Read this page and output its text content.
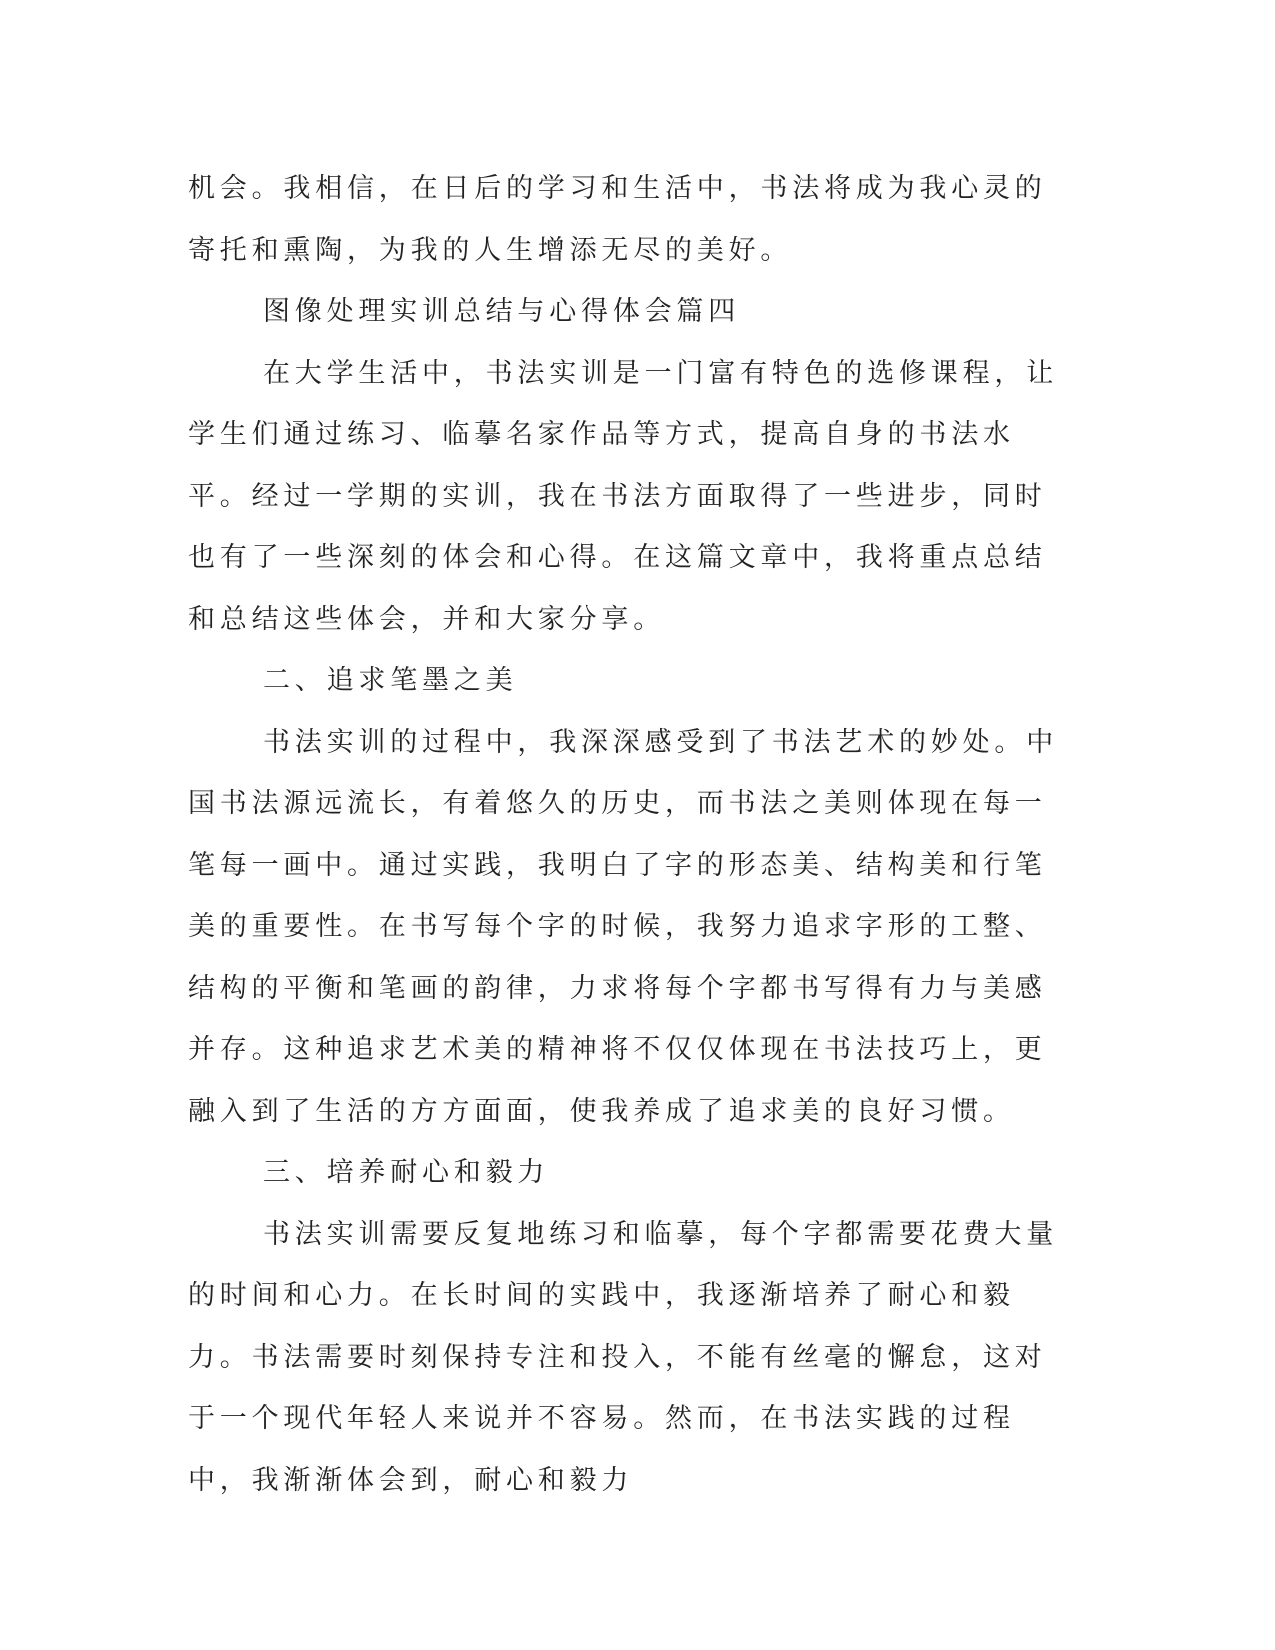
机会。我相信，在日后的学习和生活中，书法将成为我心灵的寄托和熏陶，为我的人生增添无尽的美好。

图像处理实训总结与心得体会篇四

在大学生活中，书法实训是一门富有特色的选修课程，让学生们通过练习、临摹名家作品等方式，提高自身的书法水平。经过一学期的实训，我在书法方面取得了一些进步，同时也有了一些深刻的体会和心得。在这篇文章中，我将重点总结和总结这些体会，并和大家分享。

二、追求笔墨之美

书法实训的过程中，我深深感受到了书法艺术的妙处。中国书法源远流长，有着悠久的历史，而书法之美则体现在每一笔每一画中。通过实践，我明白了字的形态美、结构美和行笔美的重要性。在书写每个字的时候，我努力追求字形的工整、结构的平衡和笔画的韵律，力求将每个字都书写得有力与美感并存。这种追求艺术美的精神将不仅仅体现在书法技巧上，更融入到了生活的方方面面，使我养成了追求美的良好习惯。

三、培养耐心和毅力

书法实训需要反复地练习和临摹，每个字都需要花费大量的时间和心力。在长时间的实践中，我逐渐培养了耐心和毅力。书法需要时刻保持专注和投入，不能有丝毫的懈怠，这对于一个现代年轻人来说并不容易。然而，在书法实践的过程中，我渐渐体会到，耐心和毅力
